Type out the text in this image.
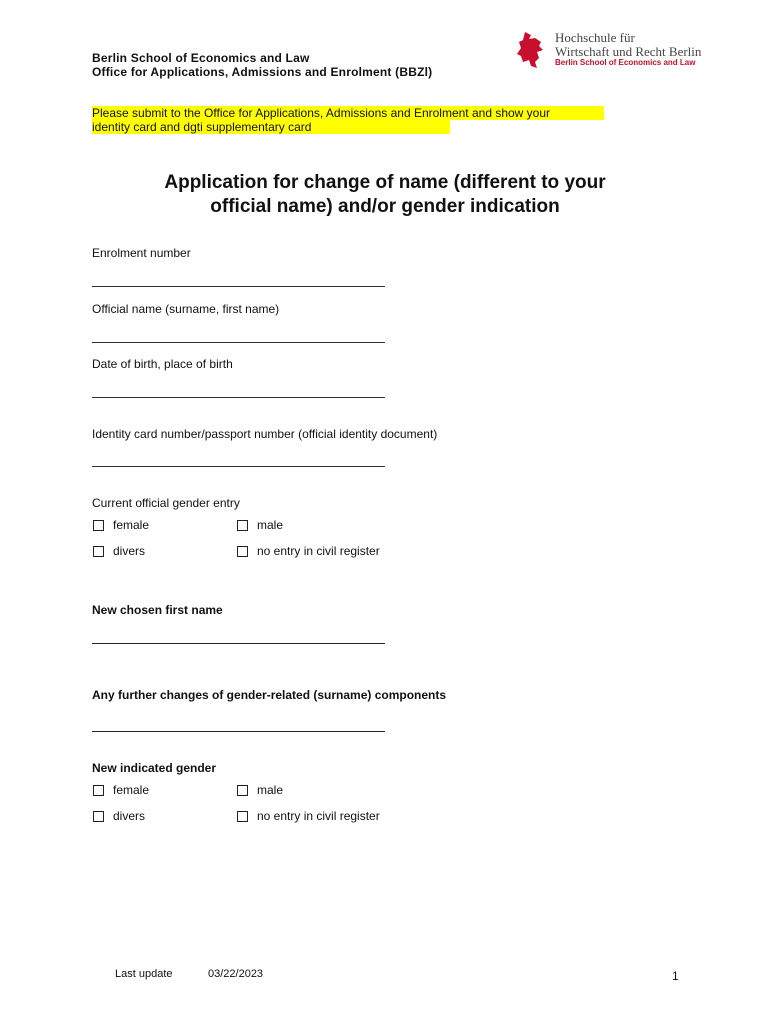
Berlin School of Economics and Law
Office for Applications, Admissions and Enrolment (BBZl)
Hochschule für
Wirtschaft und Recht Berlin
Berlin School of Economics and Law
Please submit to the Office for Applications, Admissions and Enrolment and show your
identity card and dgti supplementary card
Application for change of name (different to your
official name) and/or gender indication
Enrolment number
Official name (surname, first name)
Date of birth, place of birth
Identity card number/passport number (official identity document)
Current official gender entry
female	male
divers	no entry in civil register
New chosen first name
Any further changes of gender-related (surname) components
New indicated gender
female	male
divers	no entry in civil register
Last update	03/22/2023	1
